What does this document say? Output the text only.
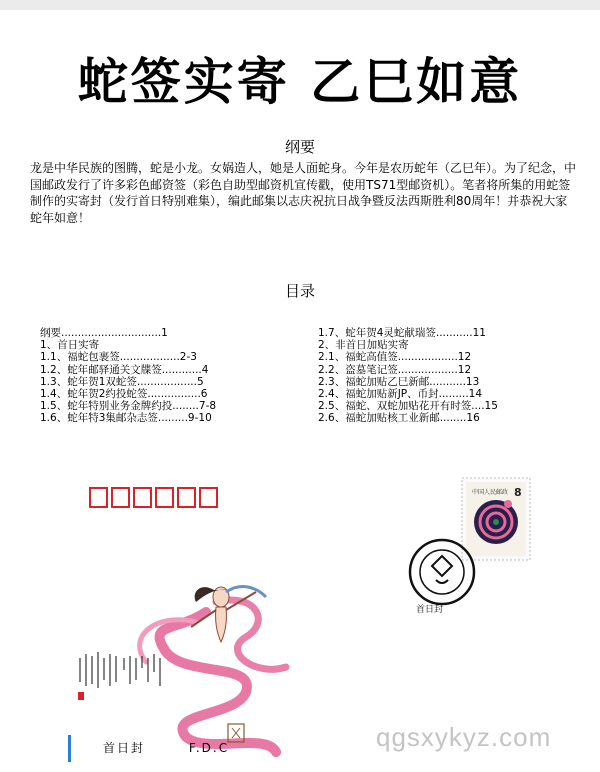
蛇签实寄 乙巳如意
纲要
龙是中华民族的图腾，蛇是小龙。女娲造人，她是人面蛇身。今年是农历蛇年（乙巳年）。为了纪念，中国邮政发行了许多彩色邮资签（彩色自助型邮资机宣传戳，使用TS71型邮资机）。笔者将所集的用蛇签制作的实寄封（发行首日特别难集），编此邮集以志庆祝抗日战争暨反法西斯胜利80周年！并恭祝大家蛇年如意！
目录
纲要..............................1
1、首日实寄
1.1、福蛇包裹签..................2-3
1.2、蛇年邮驿通关文牒签............4
1.3、蛇年贺1双蛇签..................5
1.4、蛇年贺2约投蛇签................6
1.5、蛇年特别业务金牌约投........7-8
1.6、蛇年特3集邮杂志签.........9-10
1.7、蛇年贺4灵蛇献瑞签...........11
2、非首日加贴实寄
2.1、福蛇高值签..................12
2.2、盗墓笔记签..................12
2.3、福蛇加贴乙巳新邮...........13
2.4、福蛇加贴新JP、币封.........14
2.5、福蛇、双蛇加贴花开有时签....15
2.6、福蛇加贴核工业新邮........16
中国人民邮政 8
首日封
首日封	F.D.C	qgsxykyz.com
